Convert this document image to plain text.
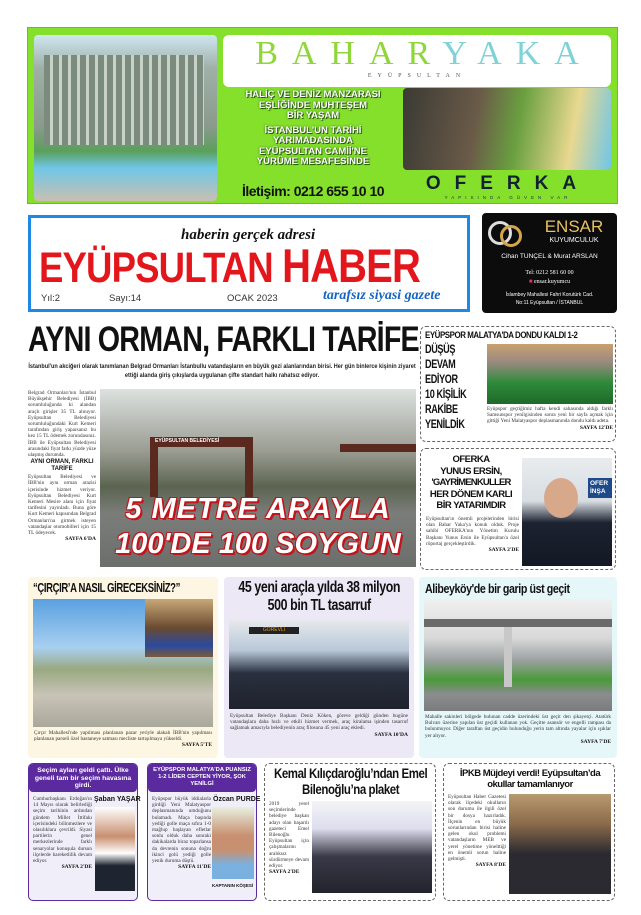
BAHARYAKA
EYÜPSULTAN
HALİÇ VE DENİZ MANZARASI
EŞLİĞİNDE MUHTEŞEM
BİR YAŞAM
İSTANBUL'UN TARİHİ
YARIMADASINDA
EYÜPSULTAN CAMİİ'NE
YÜRÜME MESAFESİNDE
İletişim: 0212 655 10 10	OFERKA
YAPISINDA GÜVEN VAR
haberin gerçek adresi
EYÜPSULTAN HABER
Yıl:2	Sayı:14	OCAK 2023	tarafsız siyasi gazete
ENSAR
KUYUMCULUK
Cihan TUNÇEL & Murat ARSLAN
Tel: 0212 581 60 00
■ ensar.kuyumcu
İslambey Mahallesi Fahri Korutürk Cad.
No:11 Eyüpsultan / İSTANBUL
AYNI ORMAN, FARKLI TARİFE
İstanbul'un akciğeri olarak tanımlanan Belgrad Ormanları İstanbullu vatandaşların en büyük gezi alanlarından birisi. Her gün binlerce kişinin ziyaret ettiği alanda giriş çıkışlarda uygulanan çifte standart halkı rahatsız ediyor.
Belgrad Ormanları'nın İstanbul Büyükşehir Belediyesi (İBB) sorumluluğunda ki alandan araçlı girişler 35 TL alınıyor. Eyüpsultan Belediyesi sorumluluğundaki Kurt Kemeri tarafından giriş yaparsanız bu kez 15 TL ödemek zorundasınız. İBB ile Eyüpsultan Belediyesi arasındaki fiyat farkı yüzde yüze ulaşmış durumda.
AYNI ORMAN, FARKLI TARİFE
Eyüpsultan Belediyesi ve İBB'nin aynı orman arazisi içerisinde hizmet veriyor. Eyüpsultan Belediyesi Kurt Kemeri Mesire alanı için fiyat tarifesini yayınladı. Buna göre Kurt Kemeri kapısından Belgrad Ormanları'na girmek isteyen vatandaşlar otomobilleri için 15 TL ödeyecek.
SAYFA 6'DA
EYÜPSULTAN BELEDİYESİ
5 METRE ARAYLA
100'DE 100 SOYGUN
EYÜPSPOR MALATYA'DA DONDU KALDI 1-2
DÜŞÜŞ
DEVAM
EDİYOR
10 KİŞİLİK
RAKİBE
YENİLDİK
Eyüpspor geçtiğimiz hafta kendi sahasında aldığı farklı Samsunspor yenilgisinden sonra yeni bir sayfa açmak için gittiği Yeni Malatyaspor deplasmanında dondu kaldı adeta.
SAYFA 12'DE
OFERKA
YUNUS ERSİN,
'GAYRİMENKULLER
HER DÖNEM KARLI
BİR YATARIMDIR
Eyüpsultan'ın önemli projelerinden birisi olan Bahar Yaka'ya konuk olduk. Proje sahibi OFERKA'nın Yönetim Kurulu Başkanı Yunus Ersin ile Eyüpsultan'a özel röportaj gerçekleştirdik.
SAYFA 2'DE
OFER İNŞA
“ÇIRÇIR’A NASIL GİRECEKSİNİZ?”
Çırçır Mahallesi'nde yapılması planlanan pazar yeriyle alakalı İBB'nin yapılması planlanan parseli özel hastaneye satması mecliste tartışılmaya yükseldi.
SAYFA 5'TE
45 yeni araçla yılda 38 milyon 500 bin TL tasarruf
GÖREVLİ
Eyüpsultan Belediye Başkanı Deniz Köken, göreve geldiği günden bugüne vatandaşlara daha hızlı ve etkili hizmet vermek, araç kiralama işinden tasarruf sağlamak amacıyla belediyenin araç filosuna 45 yeni araç ekledi.
SAYFA 10'DA
Alibeyköy'de bir garip üst geçit
Mahalle sakinleri bölgede bulunan cadde üzerindeki üst geçit den şikayetçi. Atatürk Bulvarı üzerine yapılan üst geçidi kullanan yok. Geçitte asansör ve engelli rampası da bulunmuyor. Diğer taraftan üst geçidin bulunduğu yerin tam altında yayalar için ışıklar yer alıyor.
SAYFA 7'DE
Seçim ayları geldi çattı. Ülke geneli tam bir seçim havasına girdi.
Cumhurbaşkanı Erdoğan'ın 14 Mayıs olarak belirlediği seçim tarihinin ardından gündem Millet İttifakı içerisindeki bilinmezlere ve olasılıklara çevrildi. Siyasi partilerin genel merkezlerinde farklı senaryolar konuşula dursun ilçelerde hareketlilik devam ediyor.
SAYFA 2'DE
Şaban YAŞAR
EYÜPSPOR MALATYA'DA PUANSIZ 1-2 LİDER CEPTEN YİYOR, ŞOK YENİLGİ
Eyüpspor büyük iddialarla girdiği Yeni Malatyaspor deplasmanında umduğunu bulamadı. Maça başında yediği golle maça sıfıra 1-0 mağlup başlayan efletlar sonlu olduk daha sonraki dakikalarda biraz toparlansa da devrenin sonuna doğru ikinci golü yediği golle yenik duruma düştü.
SAYFA 11'DE
Özcan PURDE
KAPTANIN KÖŞESİ
Kemal Kılıçdaroğlu’ndan Emel Bilenoğlu’na plaket
2019 yerel seçimlerinde belediye başkan adayı olan başarılı gazeteci Emel Bilenoğlu Eyüpsultan için çalışmalarını aralıksız sürdürmeye devam ediyor.
SAYFA 2'DE
İPKB Müjdeyi verdi! Eyüpsultan’da okullar tamamlanıyor
Eyüpsultan Haber Gazetesi olarak ilçedeki okulların son durumu ile ilgili özel bir dosya hazırladık. İlçenin en büyük sorunlarından birisi haline gelen okul problemi vatandaşların MEB ve yerel yönetime yönelttiği en önemli sorun haline gelmişti.
SAYFA 8'DE
